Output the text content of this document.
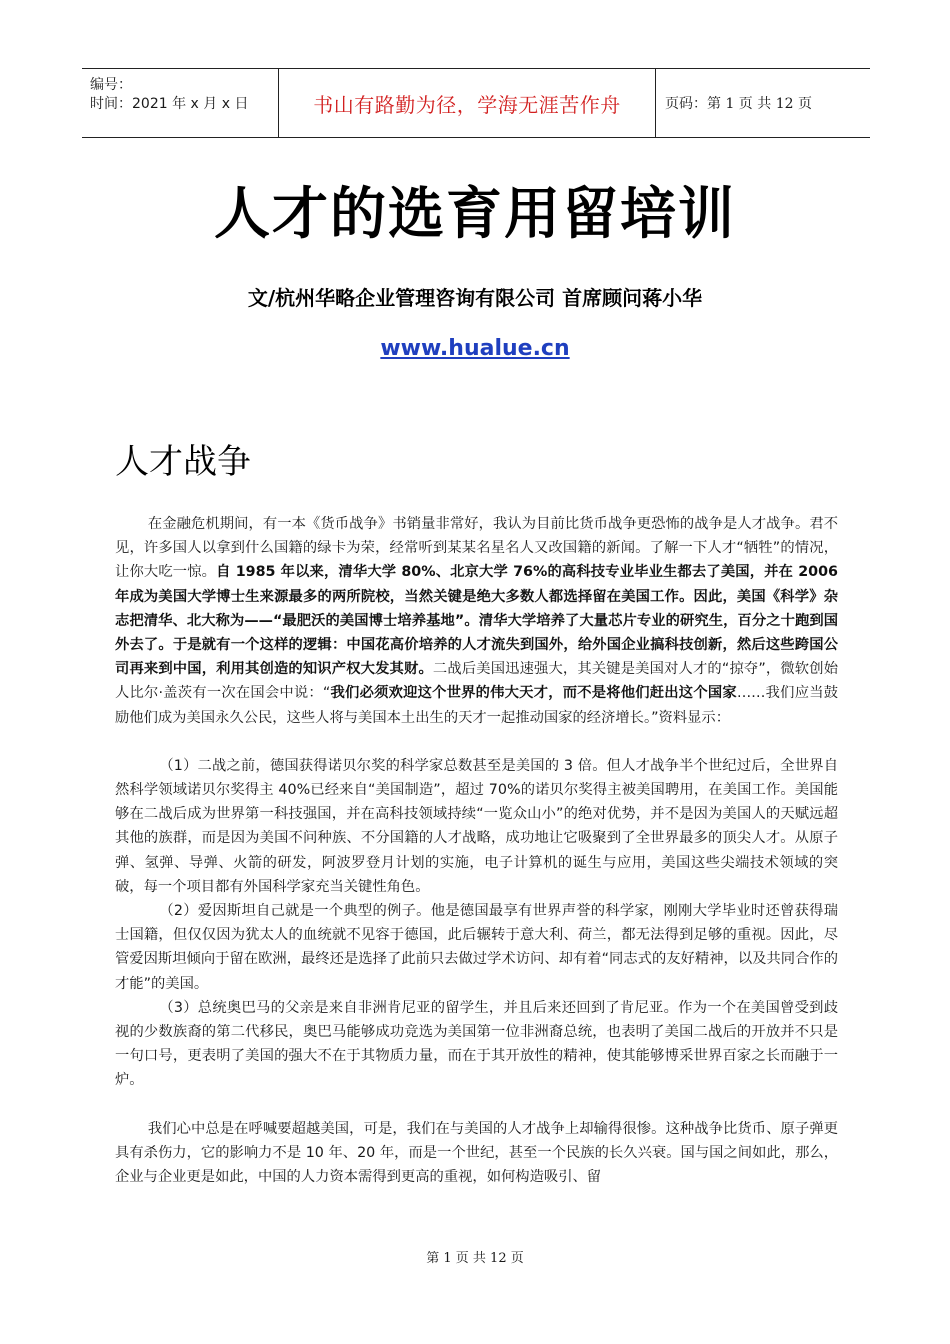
编号：
时间：2021 年 x 月 x 日	书山有路勤为径，学海无涯苦作舟	页码：第 1 页 共 12 页
人才的选育用留培训
文/杭州华略企业管理咨询有限公司 首席顾问蒋小华
www.hualue.cn
人才战争

在金融危机期间，有一本《货币战争》书销量非常好，我认为目前比货币战争更恐怖的战争是人才战争。君不见，许多国人以拿到什么国籍的绿卡为荣，经常听到某某名星名人又改国籍的新闻。了解一下人才“牺牲”的情况，让你大吃一惊。自 1985 年以来，清华大学 80%、北京大学 76%的高科技专业毕业生都去了美国，并在 2006 年成为美国大学博士生来源最多的两所院校，当然关键是绝大多数人都选择留在美国工作。因此，美国《科学》杂志把清华、北大称为——“最肥沃的美国博士培养基地”。清华大学培养了大量芯片专业的研究生，百分之十跑到国外去了。于是就有一个这样的逻辑：中国花高价培养的人才流失到国外，给外国企业搞科技创新，然后这些跨国公司再来到中国，利用其创造的知识产权大发其财。二战后美国迅速强大，其关键是美国对人才的“掠夺”，微软创始人比尔·盖茨有一次在国会中说：“我们必须欢迎这个世界的伟大天才，而不是将他们赶出这个国家……我们应当鼓励他们成为美国永久公民，这些人将与美国本土出生的天才一起推动国家的经济增长。”资料显示：

（1）二战之前，德国获得诺贝尔奖的科学家总数甚至是美国的 3 倍。但人才战争半个世纪过后，全世界自然科学领域诺贝尔奖得主 40%已经来自“美国制造”，超过 70%的诺贝尔奖得主被美国聘用，在美国工作。美国能够在二战后成为世界第一科技强国，并在高科技领域持续“一览众山小”的绝对优势，并不是因为美国人的天赋远超其他的族群，而是因为美国不问种族、不分国籍的人才战略，成功地让它吸聚到了全世界最多的顶尖人才。从原子弹、氢弹、导弹、火箭的研发，阿波罗登月计划的实施，电子计算机的诞生与应用，美国这些尖端技术领域的突破，每一个项目都有外国科学家充当关键性角色。

（2）爱因斯坦自己就是一个典型的例子。他是德国最享有世界声誉的科学家，刚刚大学毕业时还曾获得瑞士国籍，但仅仅因为犹太人的血统就不见容于德国，此后辗转于意大利、荷兰，都无法得到足够的重视。因此，尽管爱因斯坦倾向于留在欧洲，最终还是选择了此前只去做过学术访问、却有着“同志式的友好精神，以及共同合作的才能”的美国。

（3）总统奥巴马的父亲是来自非洲肯尼亚的留学生，并且后来还回到了肯尼亚。作为一个在美国曾受到歧视的少数族裔的第二代移民，奥巴马能够成功竞选为美国第一位非洲裔总统，也表明了美国二战后的开放并不只是一句口号，更表明了美国的强大不在于其物质力量，而在于其开放性的精神，使其能够博采世界百家之长而融于一炉。

我们心中总是在呼喊要超越美国，可是，我们在与美国的人才战争上却输得很惨。这种战争比货币、原子弹更具有杀伤力，它的影响力不是 10 年、20 年，而是一个世纪，甚至一个民族的长久兴衰。国与国之间如此，那么，企业与企业更是如此，中国的人力资本需得到更高的重视，如何构造吸引、留

第 1 页 共 12 页
